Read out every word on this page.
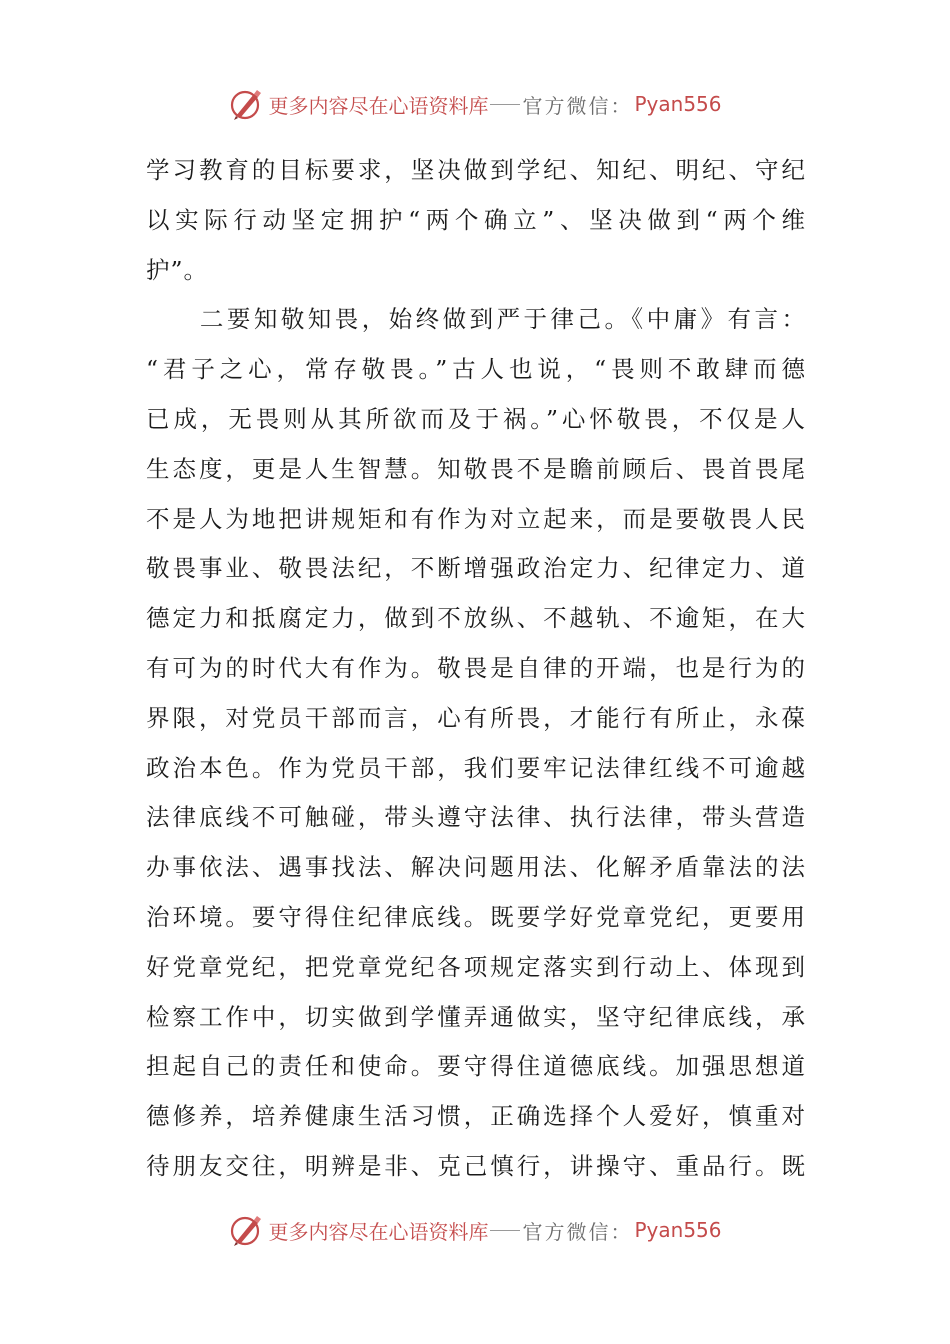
更多内容尽在心语资料库 官方微信： Pyan556
学习教育的目标要求，坚决做到学纪、知纪、明纪、守纪
以实际行动坚定拥护“两个确立”、坚决做到“两个维
护”。
　　二要知敬知畏，始终做到严于律己。《中庸》有言：
“君子之心，常存敬畏。”古人也说，“畏则不敢肆而德
已成，无畏则从其所欲而及于祸。”心怀敬畏，不仅是人
生态度，更是人生智慧。知敬畏不是瞻前顾后、畏首畏尾
不是人为地把讲规矩和有作为对立起来，而是要敬畏人民
敬畏事业、敬畏法纪，不断增强政治定力、纪律定力、道
德定力和抵腐定力，做到不放纵、不越轨、不逾矩，在大
有可为的时代大有作为。敬畏是自律的开端，也是行为的
界限，对党员干部而言，心有所畏，才能行有所止，永葆
政治本色。作为党员干部，我们要牢记法律红线不可逾越
法律底线不可触碰，带头遵守法律、执行法律，带头营造
办事依法、遇事找法、解决问题用法、化解矛盾靠法的法
治环境。要守得住纪律底线。既要学好党章党纪，更要用
好党章党纪，把党章党纪各项规定落实到行动上、体现到
检察工作中，切实做到学懂弄通做实，坚守纪律底线，承
担起自己的责任和使命。要守得住道德底线。加强思想道
德修养，培养健康生活习惯，正确选择个人爱好，慎重对
待朋友交往，明辨是非、克己慎行，讲操守、重品行。既
更多内容尽在心语资料库 官方微信： Pyan556
